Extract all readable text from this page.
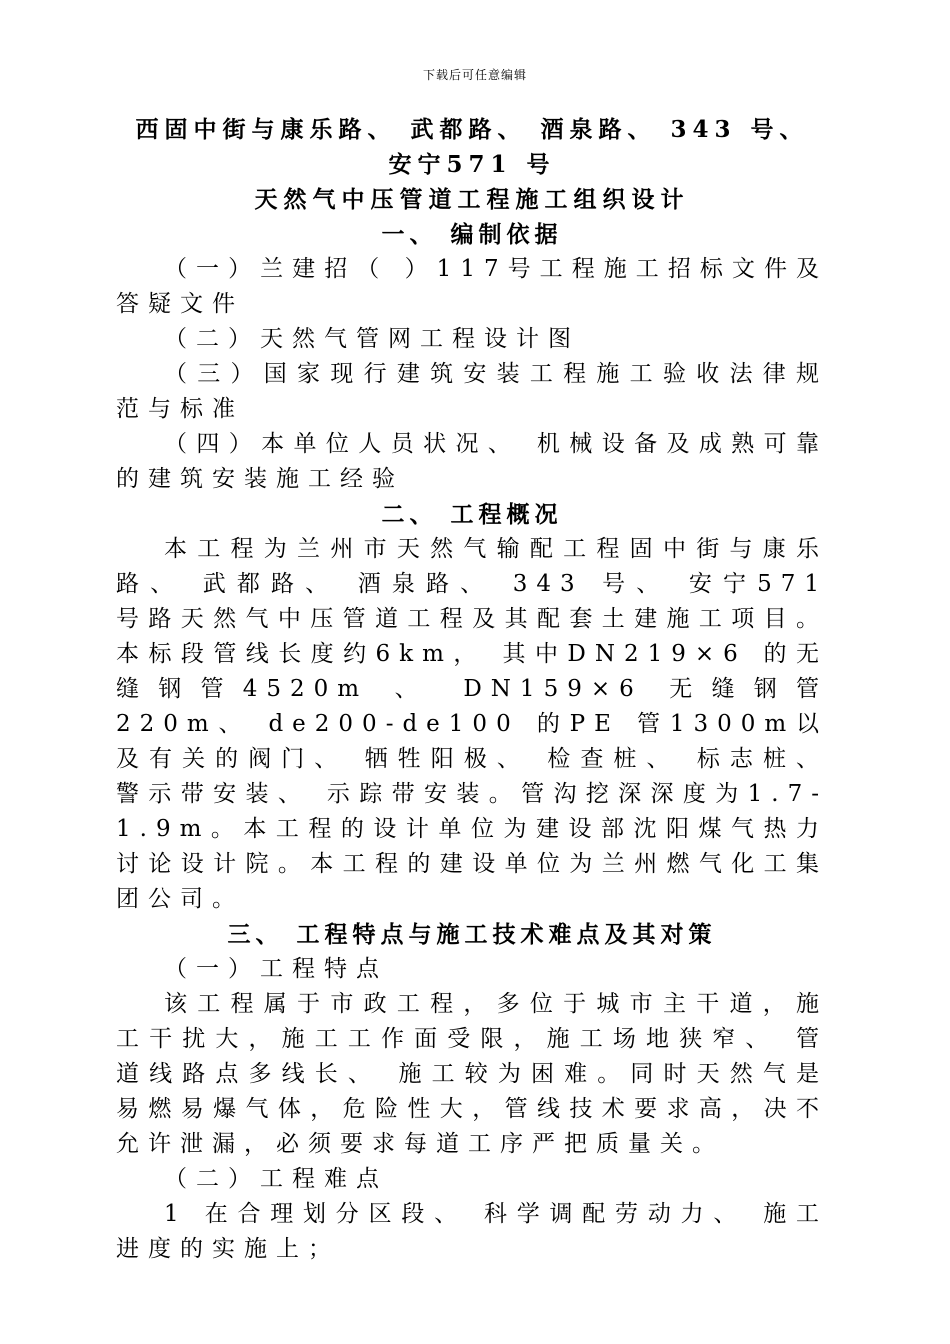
下载后可任意编辑

西固中街与康乐路、 武都路、 酒泉路、 343 号、

安宁571 号

天然气中压管道工程施工组织设计

一、 编制依据

（一）兰建招（ ）117号工程施工招标文件及答疑文件

（二）天然气管网工程设计图

（三）国家现行建筑安装工程施工验收法律规范与标准

（四）本单位人员状况、 机械设备及成熟可靠的建筑安装施工经验

二、 工程概况

本工程为兰州市天然气输配工程固中街与康乐路、 武都路、 酒泉路、 343 号、 安宁571 号路天然气中压管道工程及其配套土建施工项目。本标段管线长度约6km， 其中DN219×6 的无缝钢管4520m 、 DN159×6 无缝钢管220m、 de200-de100 的PE 管1300m以及有关的阀门、 牺牲阳极、 检查桩、 标志桩、 警示带安装、 示踪带安装。管沟挖深深度为1.7-1.9m。本工程的设计单位为建设部沈阳煤气热力讨论设计院。本工程的建设单位为兰州燃气化工集团公司。

三、 工程特点与施工技术难点及其对策

（一）工程特点

该工程属于市政工程，多位于城市主干道，施工干扰大，施工工作面受限，施工场地狭窄、 管道线路点多线长、 施工较为困难。同时天然气是易燃易爆气体，危险性大，管线技术要求高，决不允许泄漏，必须要求每道工序严把质量关。

（二）工程难点

1 在合理划分区段、 科学调配劳动力、 施工进度的实施上；
